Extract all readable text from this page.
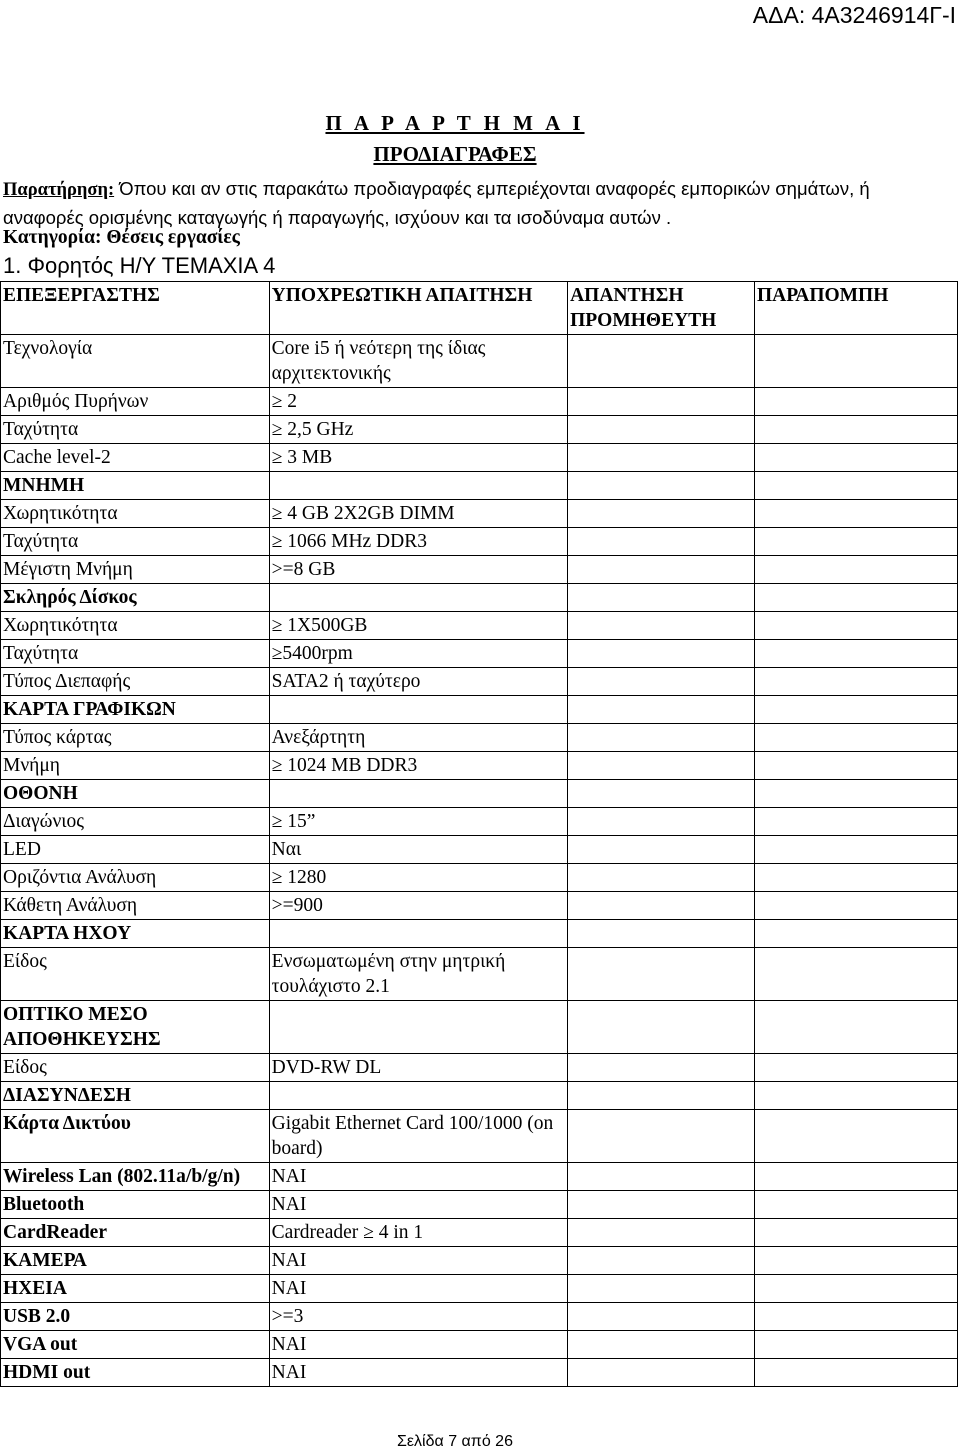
ΑΔΑ: 4Α3246914Γ-Ι
Π Α Ρ Α Ρ Τ Η Μ Α Ι
ΠΡΟΔΙΑΓΡΑΦΕΣ
Παρατήρηση: Όπου και αν στις παρακάτω προδιαγραφές εμπεριέχονται αναφορές εμπορικών σημάτων, ή αναφορές ορισμένης καταγωγής ή παραγωγής, ισχύουν και τα ισοδύναμα αυτών .
Κατηγορία: Θέσεις εργασίες
1. Φορητός Η/Υ ΤΕΜΑΧΙΑ 4
ΕΠΕΞΕΡΓΑΣΤΗΣ	ΥΠΟΧΡΕΩΤΙΚΗ ΑΠΑΙΤΗΣΗ	ΑΠΑΝΤΗΣΗ ΠΡΟΜΗΘΕΥΤΗ	ΠΑΡΑΠΟΜΠΗ
Τεχνολογία	Core i5 ή νεότερη της ίδιας αρχιτεκτονικής		
Αριθμός Πυρήνων	≥ 2		
Ταχύτητα	≥ 2,5 GHz		
Cache level-2	≥ 3 MB		
ΜΝΗΜΗ			
Χωρητικότητα	≥ 4 GB 2X2GB DIMM		
Ταχύτητα	≥ 1066 MHz DDR3		
Μέγιστη Μνήμη	>=8 GB		
Σκληρός Δίσκος			
Χωρητικότητα	≥ 1X500GB		
Ταχύτητα	≥5400rpm		
Τύπος Διεπαφής	SATA2 ή ταχύτερο		
ΚΑΡΤΑ ΓΡΑΦΙΚΩΝ			
Τύπος κάρτας	Ανεξάρτητη		
Μνήμη	≥ 1024 MB DDR3		
ΟΘΟΝΗ			
Διαγώνιος	≥ 15”		
LED	Ναι		
Οριζόντια Ανάλυση	≥ 1280		
Κάθετη Ανάλυση	>=900		
ΚΑΡΤΑ ΗΧΟΥ			
Είδος	Ενσωματωμένη στην μητρική τουλάχιστο 2.1		
ΟΠΤΙΚΟ ΜΕΣΟ ΑΠΟΘΗΚΕΥΣΗΣ			
Είδος	DVD-RW DL		
ΔΙΑΣΥΝΔΕΣΗ			
Κάρτα Δικτύου	Gigabit Ethernet Card 100/1000 (on board)		
Wireless Lan (802.11a/b/g/n)	ΝΑΙ		
Bluetooth	ΝΑΙ		
CardReader	Cardreader ≥ 4 in 1		
ΚΑΜΕΡΑ	ΝΑΙ		
ΗΧΕΙΑ	ΝΑΙ		
USB 2.0	>=3		
VGA out	ΝΑΙ		
HDMI out	ΝΑΙ		
Σελίδα 7 από 26
